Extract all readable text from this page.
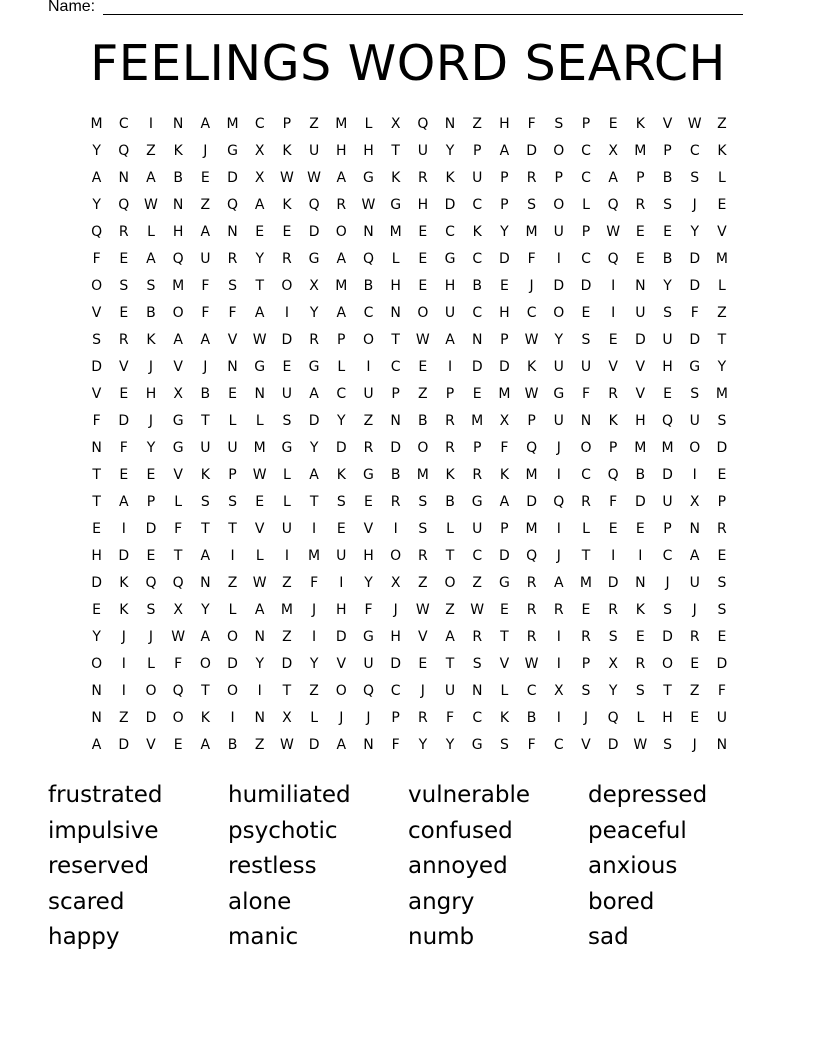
Name:
FEELINGS WORD SEARCH
M	C	I	N	A	M	C	P	Z	M	L	X	Q	N	Z	H	F	S	P	E	K	V	W	Z
Y	Q	Z	K	J	G	X	K	U	H	H	T	U	Y	P	A	D	O	C	X	M	P	C	K
A	N	A	B	E	D	X	W W	A	G	K	R	K	U	P	R	P	C	A	P	B	S	L
Y	Q	W	N	Z	Q	A	K	Q	R	W	G	H	D	C	P	S	O	L	Q	R	S	J	E
Q	R	L	H	A	N	E	E	D	O	N	M	E	C	K	Y	M	U	P	W	E	E	Y	V
F	E	A	Q	U	R	Y	R	G	A	Q	L	E	G	C	D	F	I	C	Q	E	B	D	M
O	S	S	M	F	S	T	O	X	M	B	H	E	H	B	E	J	D	D	I	N	Y	D	L
V	E	B	O	F	F	A	I	Y	A	C	N	O	U	C	H	C	O	E	I	U	S	F	Z
S	R	K	A	A	V	W	D	R	P	O	T	W	A	N	P	W	Y	S	E	D	U	D	T
D	V	J	V	J	N	G	E	G	L	I	C	E	I	D	D	K	U	U	V	V	H	G	Y
V	E	H	X	B	E	N	U	A	C	U	P	Z	P	E	M	W	G	F	R	V	E	S	M
F	D	J	G	T	L	L	S	D	Y	Z	N	B	R	M	X	P	U	N	K	H	Q	U	S
N	F	Y	G	U	U	M	G	Y	D	R	D	O	R	P	F	Q	J	O	P	M	M	O	D
T	E	E	V	K	P	W	L	A	K	G	B	M	K	R	K	M	I	C	Q	B	D	I	E
T	A	P	L	S	S	E	L	T	S	E	R	S	B	G	A	D	Q	R	F	D	U	X	P
E	I	D	F	T	T	V	U	I	E	V	I	S	L	U	P	M	I	L	E	E	P	N	R
H	D	E	T	A	I	L	I	M	U	H	O	R	T	C	D	Q	J	T	I	I	C	A	E
D	K	Q	Q	N	Z	W	Z	F	I	Y	X	Z	O	Z	G	R	A	M	D	N	J	U	S
E	K	S	X	Y	L	A	M	J	H	F	J	W	Z	W	E	R	R	E	R	K	S	J	S
Y	J	J	W	A	O	N	Z	I	D	G	H	V	A	R	T	R	I	R	S	E	D	R	E
O	I	L	F	O	D	Y	D	Y	V	U	D	E	T	S	V	W	I	P	X	R	O	E	D
N	I	O	Q	T	O	I	T	Z	O	Q	C	J	U	N	L	C	X	S	Y	S	T	Z	F
N	Z	D	O	K	I	N	X	L	J	J	P	R	F	C	K	B	I	J	Q	L	H	E	U
A	D	V	E	A	B	Z	W	D	A	N	F	Y	Y	G	S	F	C	V	D	W	S	J	N
frustrated	humiliated	vulnerable	depressed
impulsive	psychotic	confused	peaceful
reserved	restless	annoyed	anxious
scared	alone	angry	bored
happy	manic	numb	sad
